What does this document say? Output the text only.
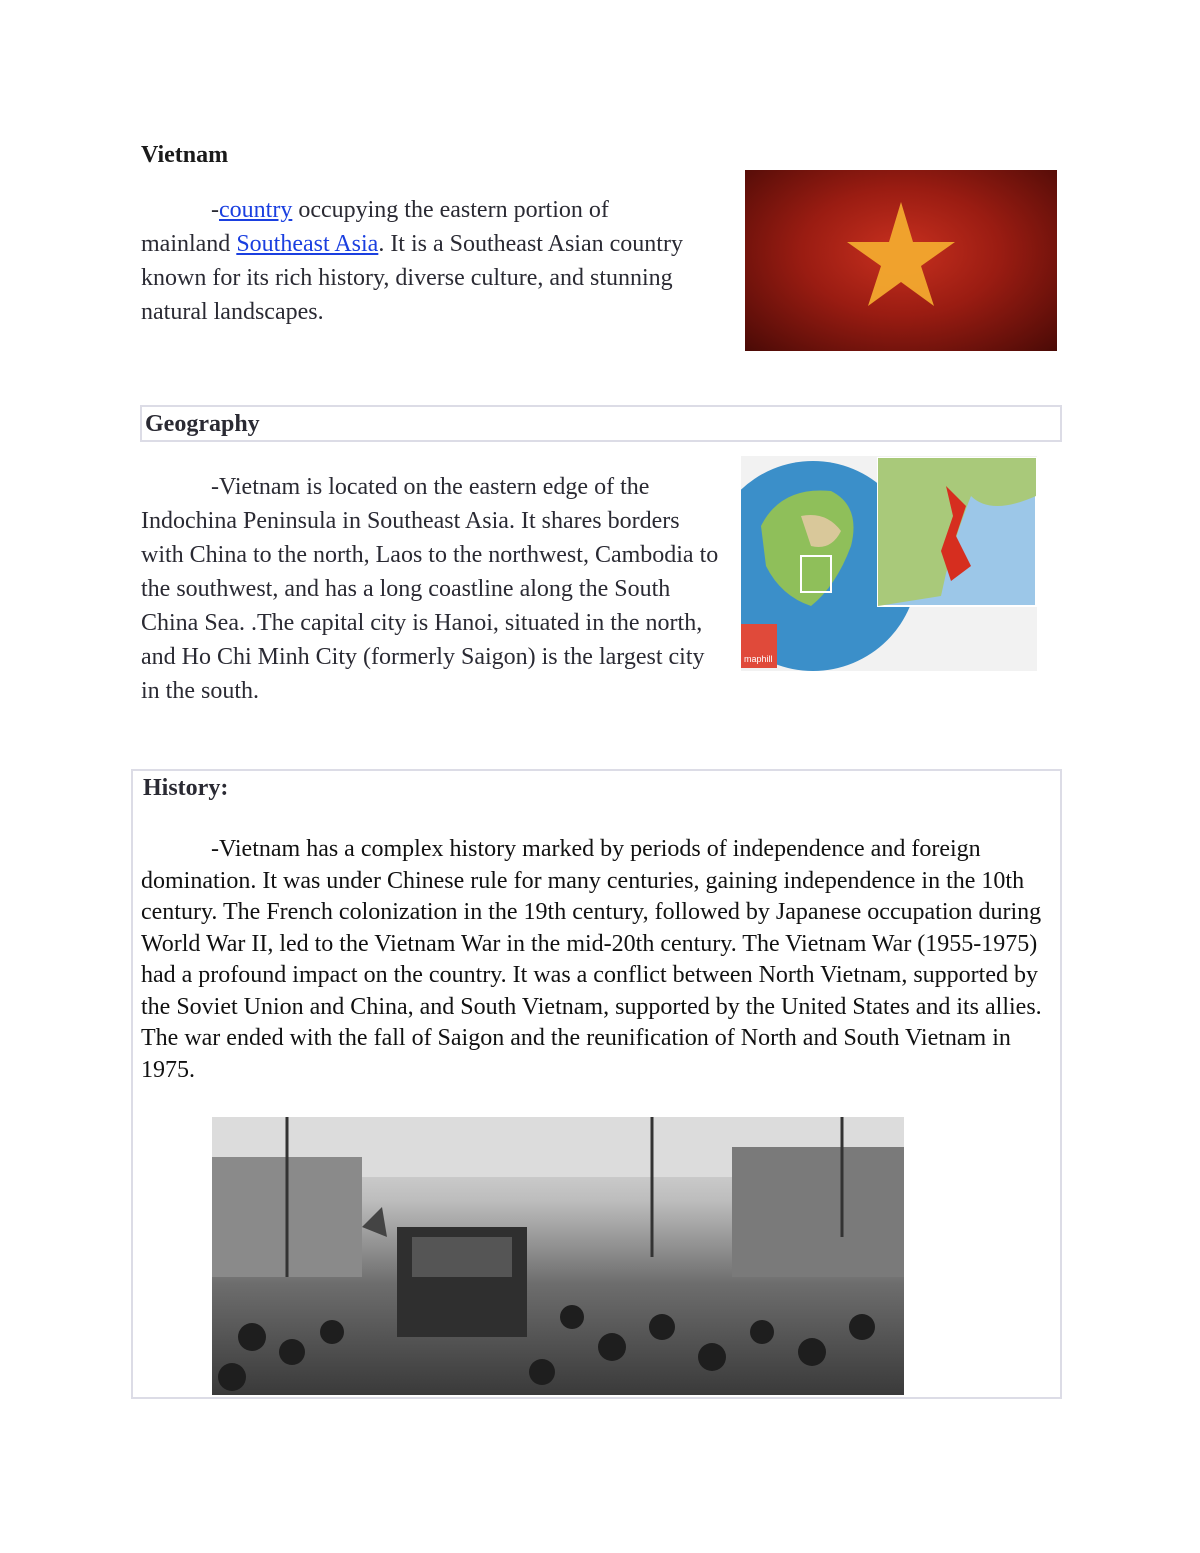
Vietnam
-country occupying the eastern portion of mainland Southeast Asia. It is a Southeast Asian country known for its rich history, diverse culture, and stunning natural landscapes.
Geography
-Vietnam is located on the eastern edge of the Indochina Peninsula in Southeast Asia. It shares borders with China to the north, Laos to the northwest, Cambodia to the southwest, and has a long coastline along the South China Sea. .The capital city is Hanoi, situated in the north, and Ho Chi Minh City (formerly Saigon) is the largest city in the south.
maphill
History:
-Vietnam has a complex history marked by periods of independence and foreign domination. It was under Chinese rule for many centuries, gaining independence in the 10th century. The French colonization in the 19th century, followed by Japanese occupation during World War II, led to the Vietnam War in the mid-20th century. The Vietnam War (1955-1975) had a profound impact on the country. It was a conflict between North Vietnam, supported by the Soviet Union and China, and South Vietnam, supported by the United States and its allies. The war ended with the fall of Saigon and the reunification of North and South Vietnam in 1975.
